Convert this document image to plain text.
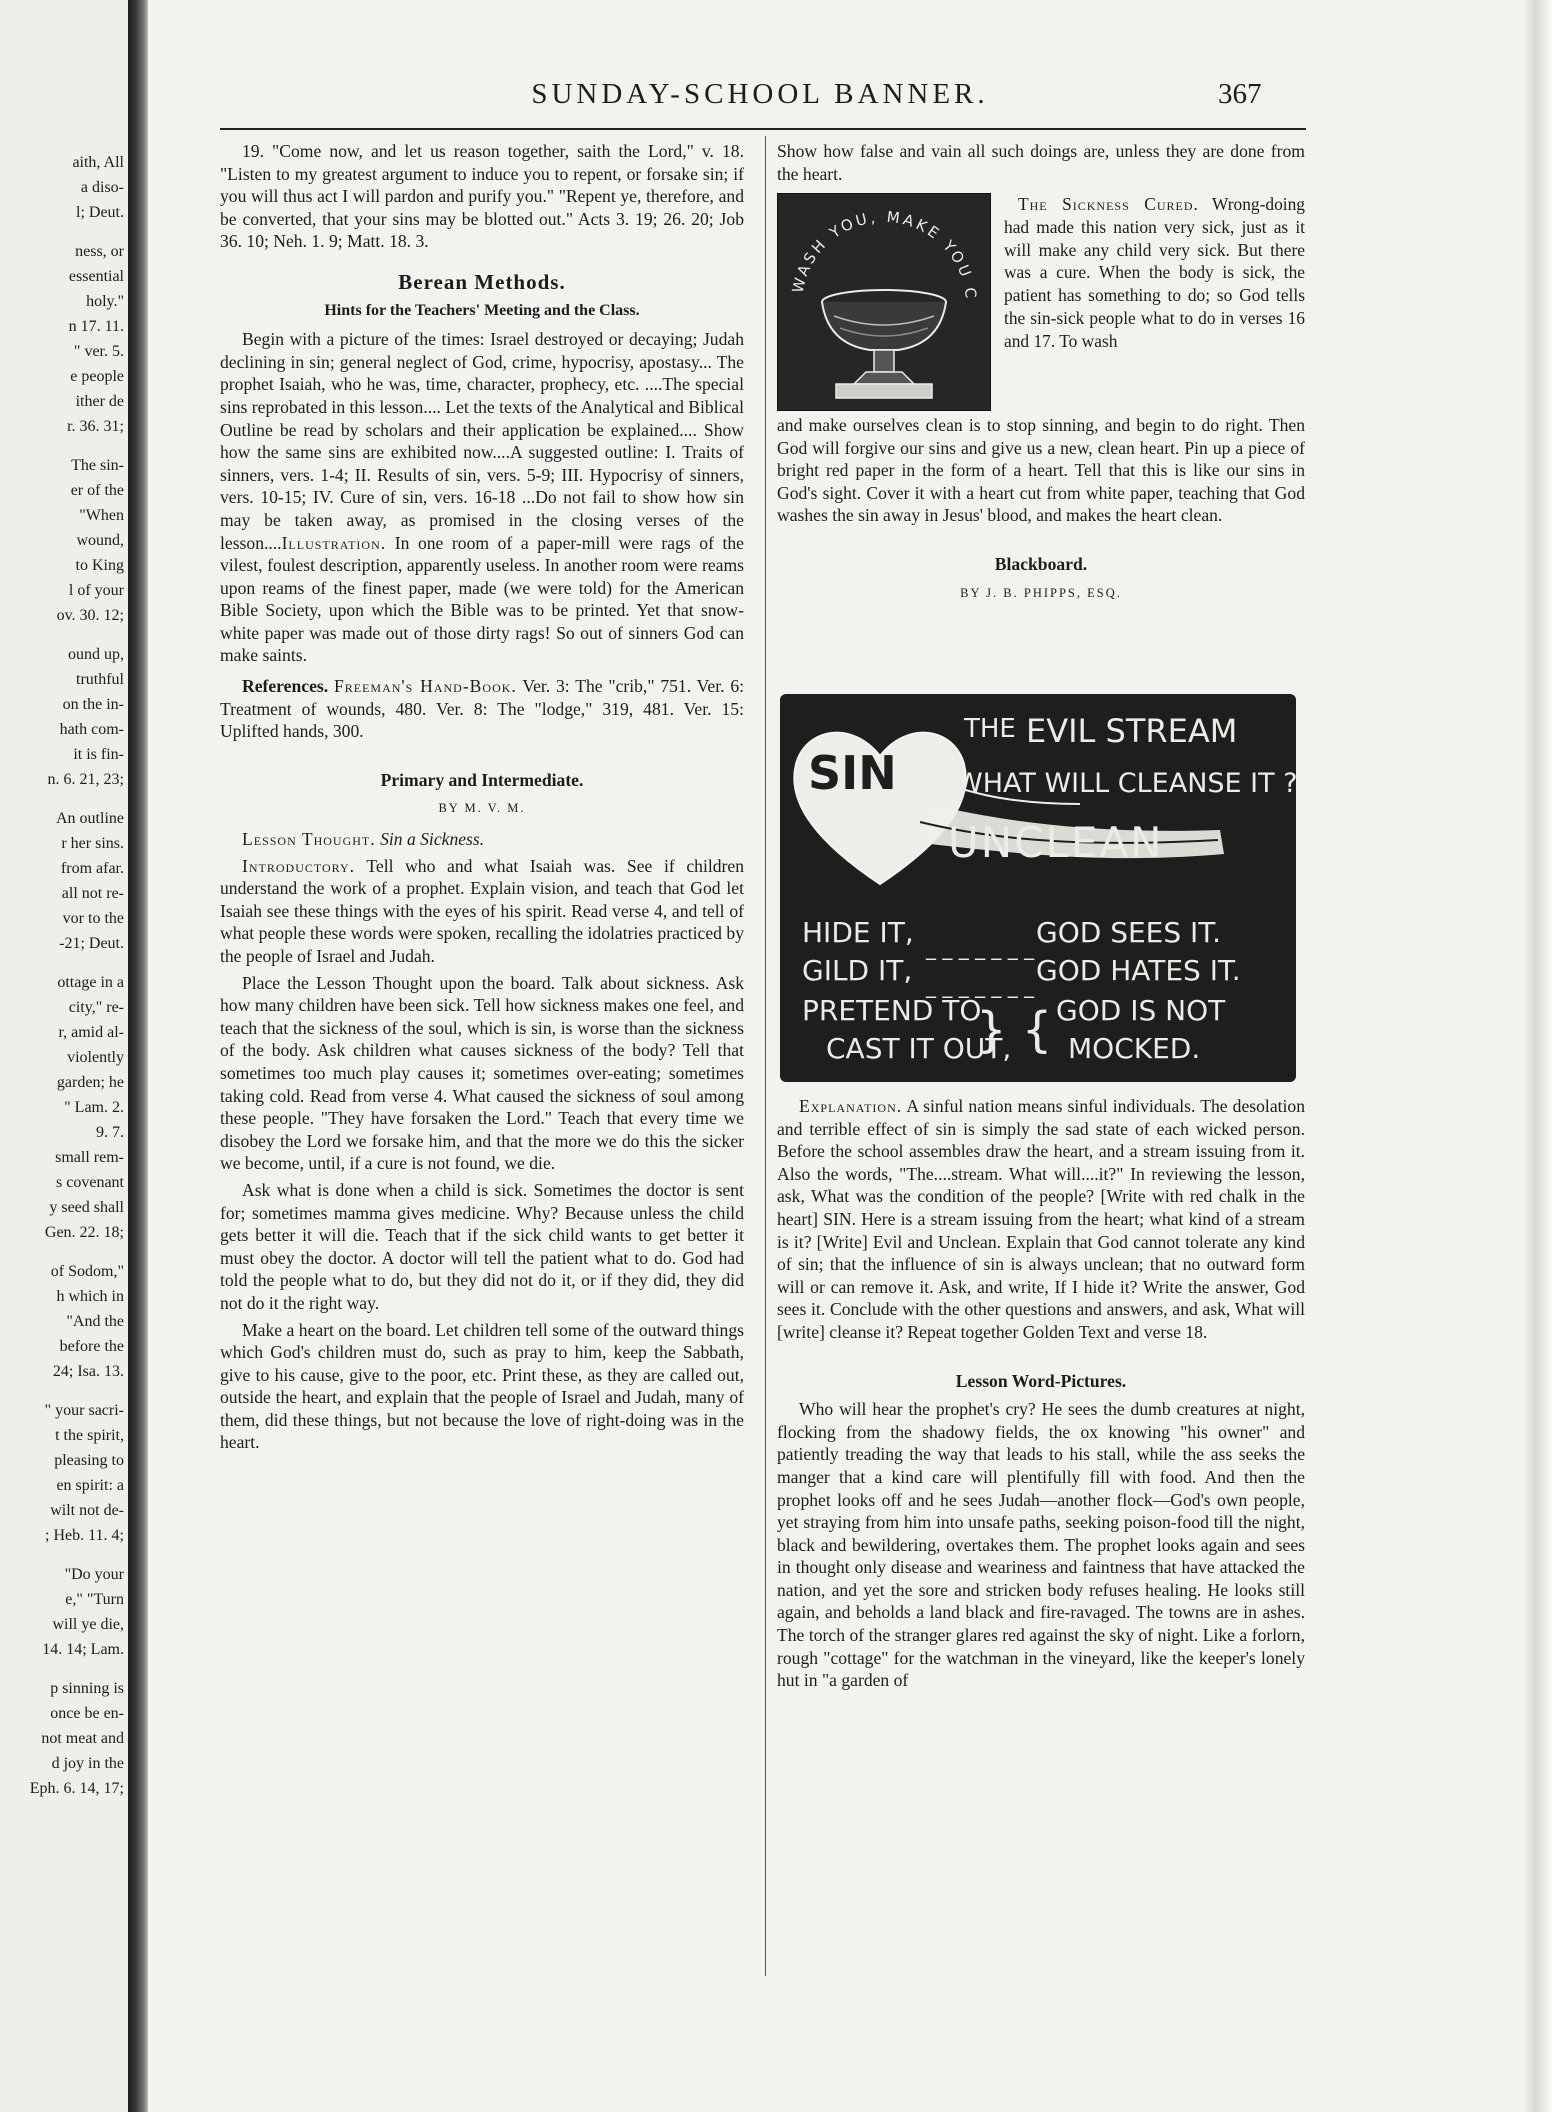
aith, All
a diso-
l; Deut.
ness, or
essential
holy."
n 17. 11.
" ver. 5.
e people
ither de
r. 36. 31;
The sin-
er of the
"When
wound,
to King
l of your
ov. 30. 12;
ound up,
truthful
on the in-
hath com-
it is fin-
n. 6. 21, 23;
An outline
r her sins.
from afar.
all not re-
vor to the
-21; Deut.
ottage in a
city," re-
r, amid al-
violently
garden; he
" Lam. 2.
9. 7.
small rem-
s covenant
y seed shall
Gen. 22. 18;
of Sodom,"
h which in
"And the
before the
24; Isa. 13.
" your sacri-
t the spirit,
pleasing to
en spirit: a
wilt not de-
; Heb. 11. 4;
"Do your
e," "Turn
will ye die,
14. 14; Lam.
p sinning is
once be en-
not meat and
d joy in the
Eph. 6. 14, 17;
SUNDAY-SCHOOL BANNER.	367

19. "Come now, and let us reason together, saith the Lord," v. 18. "Listen to my greatest argument to induce you to repent, or forsake sin; if you will thus act I will pardon and purify you." "Repent ye, therefore, and be converted, that your sins may be blotted out." Acts 3. 19; 26. 20; Job 36. 10; Neh. 1. 9; Matt. 18. 3.

Berean Methods.
Hints for the Teachers' Meeting and the Class.

Begin with a picture of the times: Israel destroyed or decaying; Judah declining in sin; general neglect of God, crime, hypocrisy, apostasy... The prophet Isaiah, who he was, time, character, prophecy, etc. ....The special sins reprobated in this lesson.... Let the texts of the Analytical and Biblical Outline be read by scholars and their application be explained.... Show how the same sins are exhibited now....A suggested outline: I. Traits of sinners, vers. 1-4; II. Results of sin, vers. 5-9; III. Hypocrisy of sinners, vers. 10-15; IV. Cure of sin, vers. 16-18 ...Do not fail to show how sin may be taken away, as promised in the closing verses of the lesson....Illustration. In one room of a paper-mill were rags of the vilest, foulest description, apparently useless. In another room were reams upon reams of the finest paper, made (we were told) for the American Bible Society, upon which the Bible was to be printed. Yet that snow-white paper was made out of those dirty rags! So out of sinners God can make saints.

References. Freeman's Hand-Book. Ver. 3: The "crib," 751. Ver. 6: Treatment of wounds, 480. Ver. 8: The "lodge," 319, 481. Ver. 15: Uplifted hands, 300.

Primary and Intermediate.
BY M. V. M.

Lesson Thought. Sin a Sickness.

Introductory. Tell who and what Isaiah was. See if children understand the work of a prophet. Explain vision, and teach that God let Isaiah see these things with the eyes of his spirit. Read verse 4, and tell of what people these words were spoken, recalling the idolatries practiced by the people of Israel and Judah.

Place the Lesson Thought upon the board. Talk about sickness. Ask how many children have been sick. Tell how sickness makes one feel, and teach that the sickness of the soul, which is sin, is worse than the sickness of the body. Ask children what causes sickness of the body? Tell that sometimes too much play causes it; sometimes over-eating; sometimes taking cold. Read from verse 4. What caused the sickness of soul among these people. "They have forsaken the Lord." Teach that every time we disobey the Lord we forsake him, and that the more we do this the sicker we become, until, if a cure is not found, we die.

Ask what is done when a child is sick. Sometimes the doctor is sent for; sometimes mamma gives medicine. Why? Because unless the child gets better it will die. Teach that if the sick child wants to get better it must obey the doctor. A doctor will tell the patient what to do. God had told the people what to do, but they did not do it, or if they did, they did not do it the right way.

Make a heart on the board. Let children tell some of the outward things which God's children must do, such as pray to him, keep the Sabbath, give to his cause, give to the poor, etc. Print these, as they are called out, outside the heart, and explain that the people of Israel and Judah, many of them, did these things, but not because the love of right-doing was in the heart.

Show how false and vain all such doings are, unless they are done from the heart.

WASH YOU, MAKE YOU C

The Sickness Cured. Wrong-doing had made this nation very sick, just as it will make any child very sick. But there was a cure. When the body is sick, the patient has something to do; so God tells the sin-sick people what to do in verses 16 and 17. To wash

and make ourselves clean is to stop sinning, and begin to do right. Then God will forgive our sins and give us a new, clean heart. Pin up a piece of bright red paper in the form of a heart. Tell that this is like our sins in God's sight. Cover it with a heart cut from white paper, teaching that God washes the sin away in Jesus' blood, and makes the heart clean.

Blackboard.
BY J. B. PHIPPS, ESQ.
SIN
THE EVIL STREAM
WHAT WILL CLEANSE IT ?
UNCLEAN
HIDE IT, _ _ _ _ _ _ _
GILD IT, _ _ _ _ _ _ _
PRETEND TO
CAST IT OUT,
GOD SEES IT.
GOD HATES IT.
} { GOD IS NOT
MOCKED.

Explanation. A sinful nation means sinful individuals. The desolation and terrible effect of sin is simply the sad state of each wicked person. Before the school assembles draw the heart, and a stream issuing from it. Also the words, "The....stream. What will....it?" In reviewing the lesson, ask, What was the condition of the people? [Write with red chalk in the heart] SIN. Here is a stream issuing from the heart; what kind of a stream is it? [Write] Evil and Unclean. Explain that God cannot tolerate any kind of sin; that the influence of sin is always unclean; that no outward form will or can remove it. Ask, and write, If I hide it? Write the answer, God sees it. Conclude with the other questions and answers, and ask, What will [write] cleanse it? Repeat together Golden Text and verse 18.

Lesson Word-Pictures.

Who will hear the prophet's cry? He sees the dumb creatures at night, flocking from the shadowy fields, the ox knowing "his owner" and patiently treading the way that leads to his stall, while the ass seeks the manger that a kind care will plentifully fill with food. And then the prophet looks off and he sees Judah—another flock—God's own people, yet straying from him into unsafe paths, seeking poison-food till the night, black and bewildering, overtakes them. The prophet looks again and sees in thought only disease and weariness and faintness that have attacked the nation, and yet the sore and stricken body refuses healing. He looks still again, and beholds a land black and fire-ravaged. The towns are in ashes. The torch of the stranger glares red against the sky of night. Like a forlorn, rough "cottage" for the watchman in the vineyard, like the keeper's lonely hut in "a garden of
